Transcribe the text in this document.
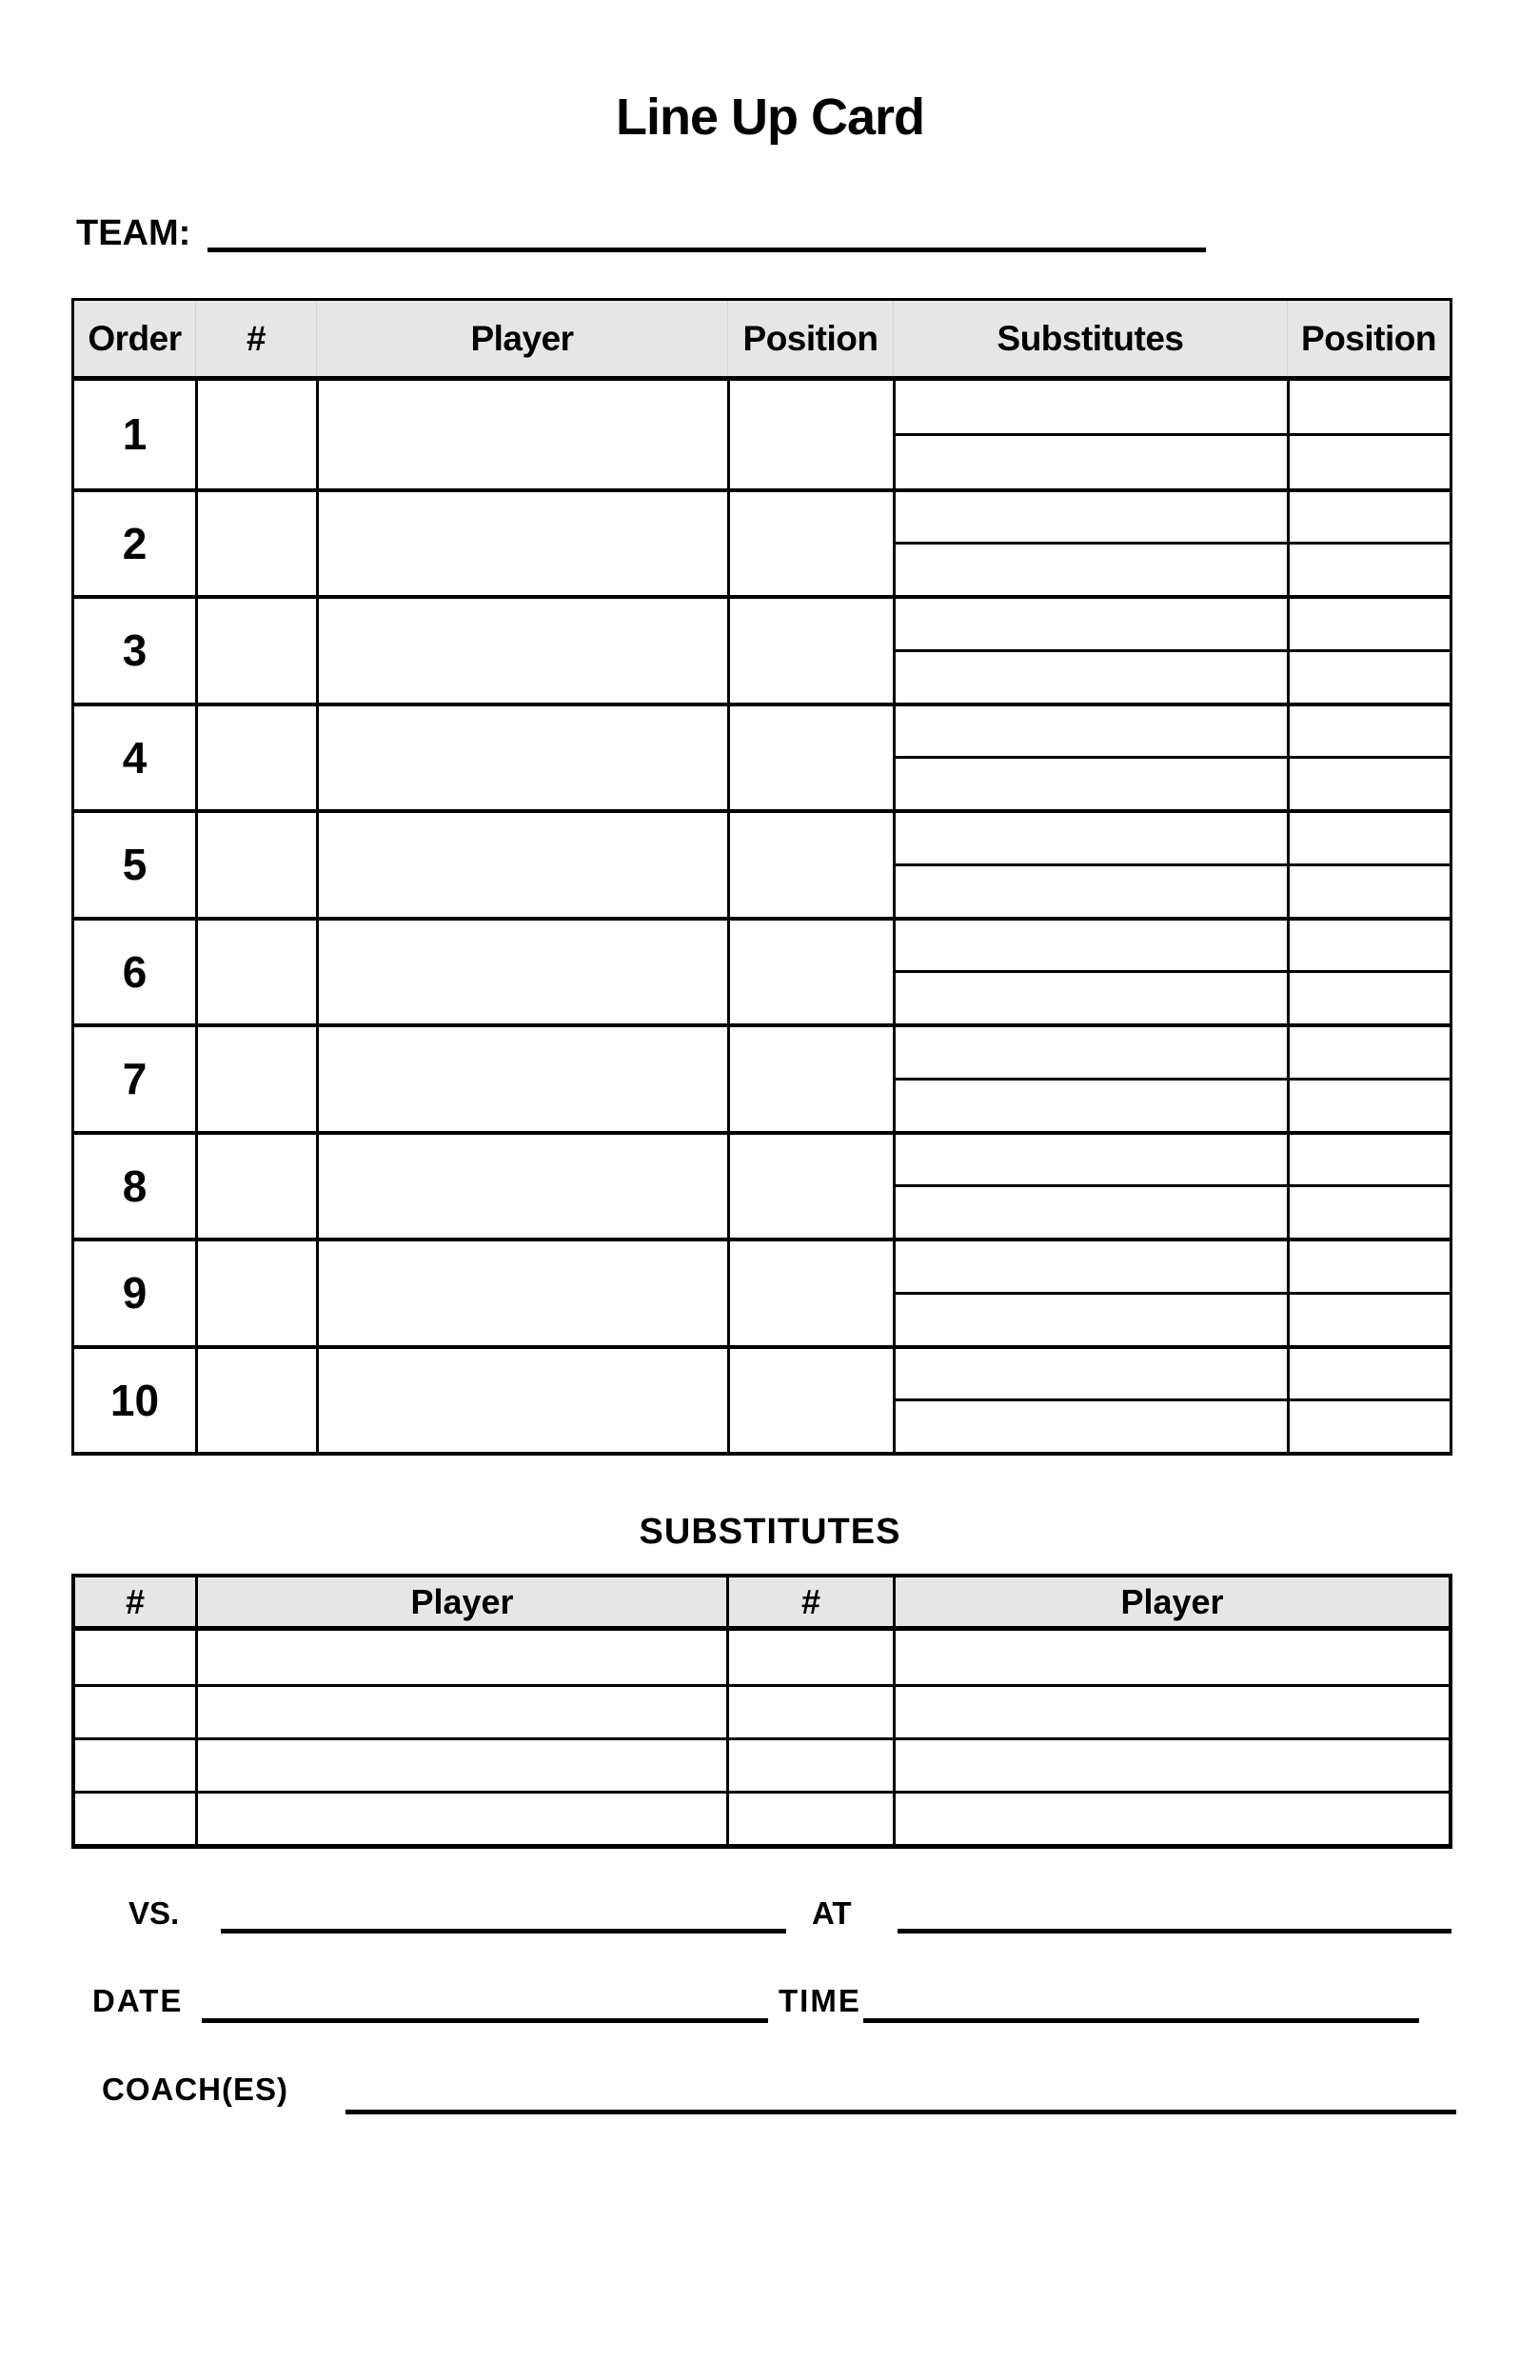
Line Up Card
TEAM:
Order	#	Player	Position	Substitutes	Position
1
2
3
4
5
6
7
8
9
10
SUBSTITUTES
#	Player	#	Player
VS.	AT
DATE	TIME
COACH(ES)
